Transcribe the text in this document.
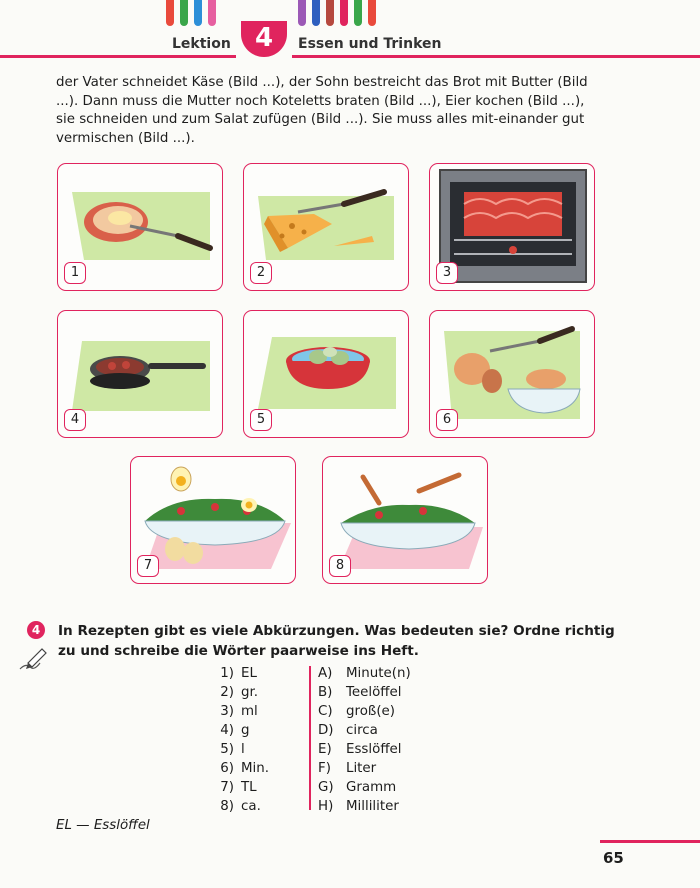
Lektion 4	Essen und Trinken

der Vater schneidet Käse (Bild ...), der Sohn bestreicht das Brot mit Butter (Bild ...). Dann muss die Mutter noch Koteletts braten (Bild ...), Eier kochen (Bild ...), sie schneiden und zum Salat zufügen (Bild ...). Sie muss alles mit-einander gut vermischen (Bild ...).

1	2	3
4	5	6
7	8
4	In Rezepten gibt es viele Abkürzungen. Was bedeuten sie? Ordne richtig zu und schreibe die Wörter paarweise ins Heft.

1) EL
2) gr.
3) ml
4) g
5) l
6) Min.
7) TL
8) ca.
A) Minute(n)
B) Teelöffel
C) groß(e)
D) circa
E) Esslöffel
F) Liter
G) Gramm
H) Milliliter
EL — Esslöffel
65
